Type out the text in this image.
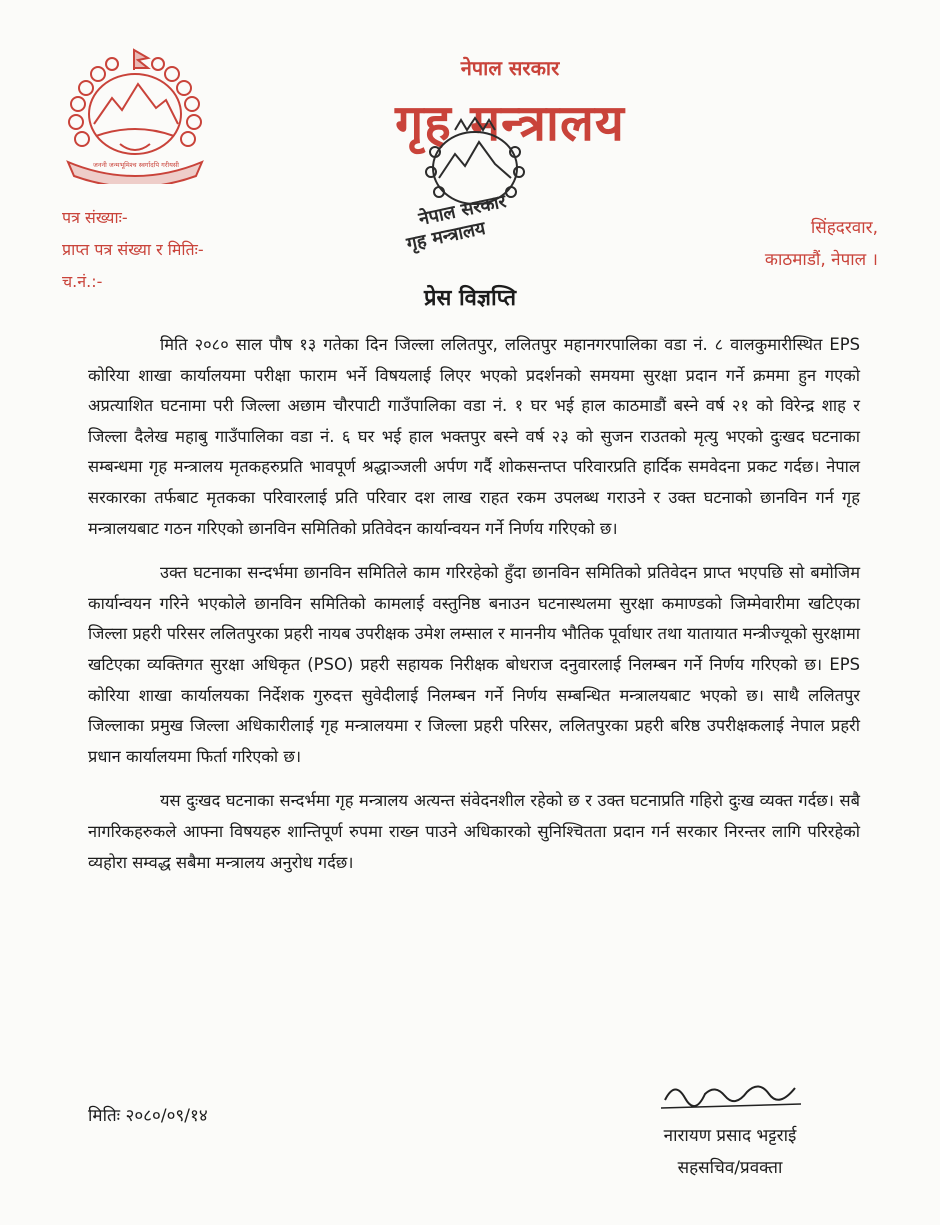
जननी जन्मभूमिश्च स्वर्गादपि गरीयसी
नेपाल सरकार
गृह मन्त्रालय
नेपाल सरकार
गृह मन्त्रालय
पत्र संख्याः-
प्राप्त पत्र संख्या र मितिः-
च.नं.:-
सिंहदरवार,
काठमाडौं, नेपाल ।
प्रेस विज्ञप्ति

मिति २०८० साल पौष १३ गतेका दिन जिल्ला ललितपुर, ललितपुर महानगरपालिका वडा नं. ८ वालकुमारीस्थित EPS कोरिया शाखा कार्यालयमा परीक्षा फाराम भर्ने विषयलाई लिएर भएको प्रदर्शनको समयमा सुरक्षा प्रदान गर्ने क्रममा हुन गएको अप्रत्याशित घटनामा परी जिल्ला अछाम चौरपाटी गाउँपालिका वडा नं. १ घर भई हाल काठमाडौं बस्ने वर्ष २१ को विरेन्द्र शाह र जिल्ला दैलेख महाबु गाउँपालिका वडा नं. ६ घर भई हाल भक्तपुर बस्ने वर्ष २३ को सुजन राउतको मृत्यु भएको दुःखद घटनाका सम्बन्धमा गृह मन्त्रालय मृतकहरुप्रति भावपूर्ण श्रद्धाञ्जली अर्पण गर्दै शोकसन्तप्त परिवारप्रति हार्दिक समवेदना प्रकट गर्दछ। नेपाल सरकारका तर्फबाट मृतकका परिवारलाई प्रति परिवार दश लाख राहत रकम उपलब्ध गराउने र उक्त घटनाको छानविन गर्न गृह मन्त्रालयबाट गठन गरिएको छानविन समितिको प्रतिवेदन कार्यान्वयन गर्ने निर्णय गरिएको छ।

उक्त घटनाका सन्दर्भमा छानविन समितिले काम गरिरहेको हुँदा छानविन समितिको प्रतिवेदन प्राप्त भएपछि सो बमोजिम कार्यान्वयन गरिने भएकोले छानविन समितिको कामलाई वस्तुनिष्ठ बनाउन घटनास्थलमा सुरक्षा कमाण्डको जिम्मेवारीमा खटिएका जिल्ला प्रहरी परिसर ललितपुरका प्रहरी नायब उपरीक्षक उमेश लम्साल र माननीय भौतिक पूर्वाधार तथा यातायात मन्त्रीज्यूको सुरक्षामा खटिएका व्यक्तिगत सुरक्षा अधिकृत (PSO) प्रहरी सहायक निरीक्षक बोधराज दनुवारलाई निलम्बन गर्ने निर्णय गरिएको छ। EPS कोरिया शाखा कार्यालयका निर्देशक गुरुदत्त सुवेदीलाई निलम्बन गर्ने निर्णय सम्बन्धित मन्त्रालयबाट भएको छ। साथै ललितपुर जिल्लाका प्रमुख जिल्ला अधिकारीलाई गृह मन्त्रालयमा र जिल्ला प्रहरी परिसर, ललितपुरका प्रहरी बरिष्ठ उपरीक्षकलाई नेपाल प्रहरी प्रधान कार्यालयमा फिर्ता गरिएको छ।

यस दुःखद घटनाका सन्दर्भमा गृह मन्त्रालय अत्यन्त संवेदनशील रहेको छ र उक्त घटनाप्रति गहिरो दुःख व्यक्त गर्दछ। सबै नागरिकहरुकले आफ्ना विषयहरु शान्तिपूर्ण रुपमा राख्न पाउने अधिकारको सुनिश्चितता प्रदान गर्न सरकार निरन्तर लागि परिरहेको व्यहोरा सम्वद्ध सबैमा मन्त्रालय अनुरोध गर्दछ।

मितिः २०८०/०९/१४
नारायण प्रसाद भट्टराई
सहसचिव/प्रवक्ता
